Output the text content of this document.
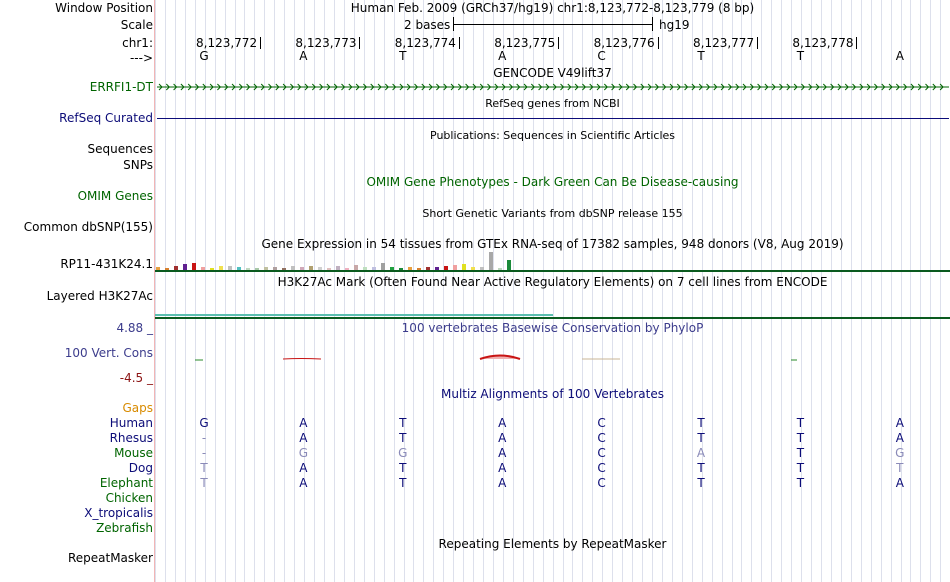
Window Position	Human Feb. 2009 (GRCh37/hg19) chr1:8,123,772-8,123,779 (8 bp)
Scale	2 bases	hg19
chr1:	8,123,772	8,123,773	8,123,774	8,123,775	8,123,776	8,123,777	8,123,778
--->	G	A	T	A	C	T	T	A
GENCODE V49lift37
ERRFI1-DT
RefSeq genes from NCBI
RefSeq Curated
Publications: Sequences in Scientific Articles
Sequences
SNPs
OMIM Gene Phenotypes - Dark Green Can Be Disease-causing
OMIM Genes
Short Genetic Variants from dbSNP release 155
Common dbSNP(155)
Gene Expression in 54 tissues from GTEx RNA-seq of 17382 samples, 948 donors (V8, Aug 2019)
RP11-431K24.1
H3K27Ac Mark (Often Found Near Active Regulatory Elements) on 7 cell lines from ENCODE
Layered H3K27Ac
100 vertebrates Basewise Conservation by PhyloP
4.88 _
100 Vert. Cons
-4.5 _
Multiz Alignments of 100 Vertebrates
Gaps
Human	G	A	T	A	C	T	T	A
Rhesus	-	A	T	A	C	T	T	A
Mouse	-	G	G	A	C	A	T	G
Dog	T	A	T	A	C	T	T	T
Elephant	T	A	T	A	C	T	T	A
Chicken
X_tropicalis
Zebrafish
Repeating Elements by RepeatMasker
RepeatMasker
